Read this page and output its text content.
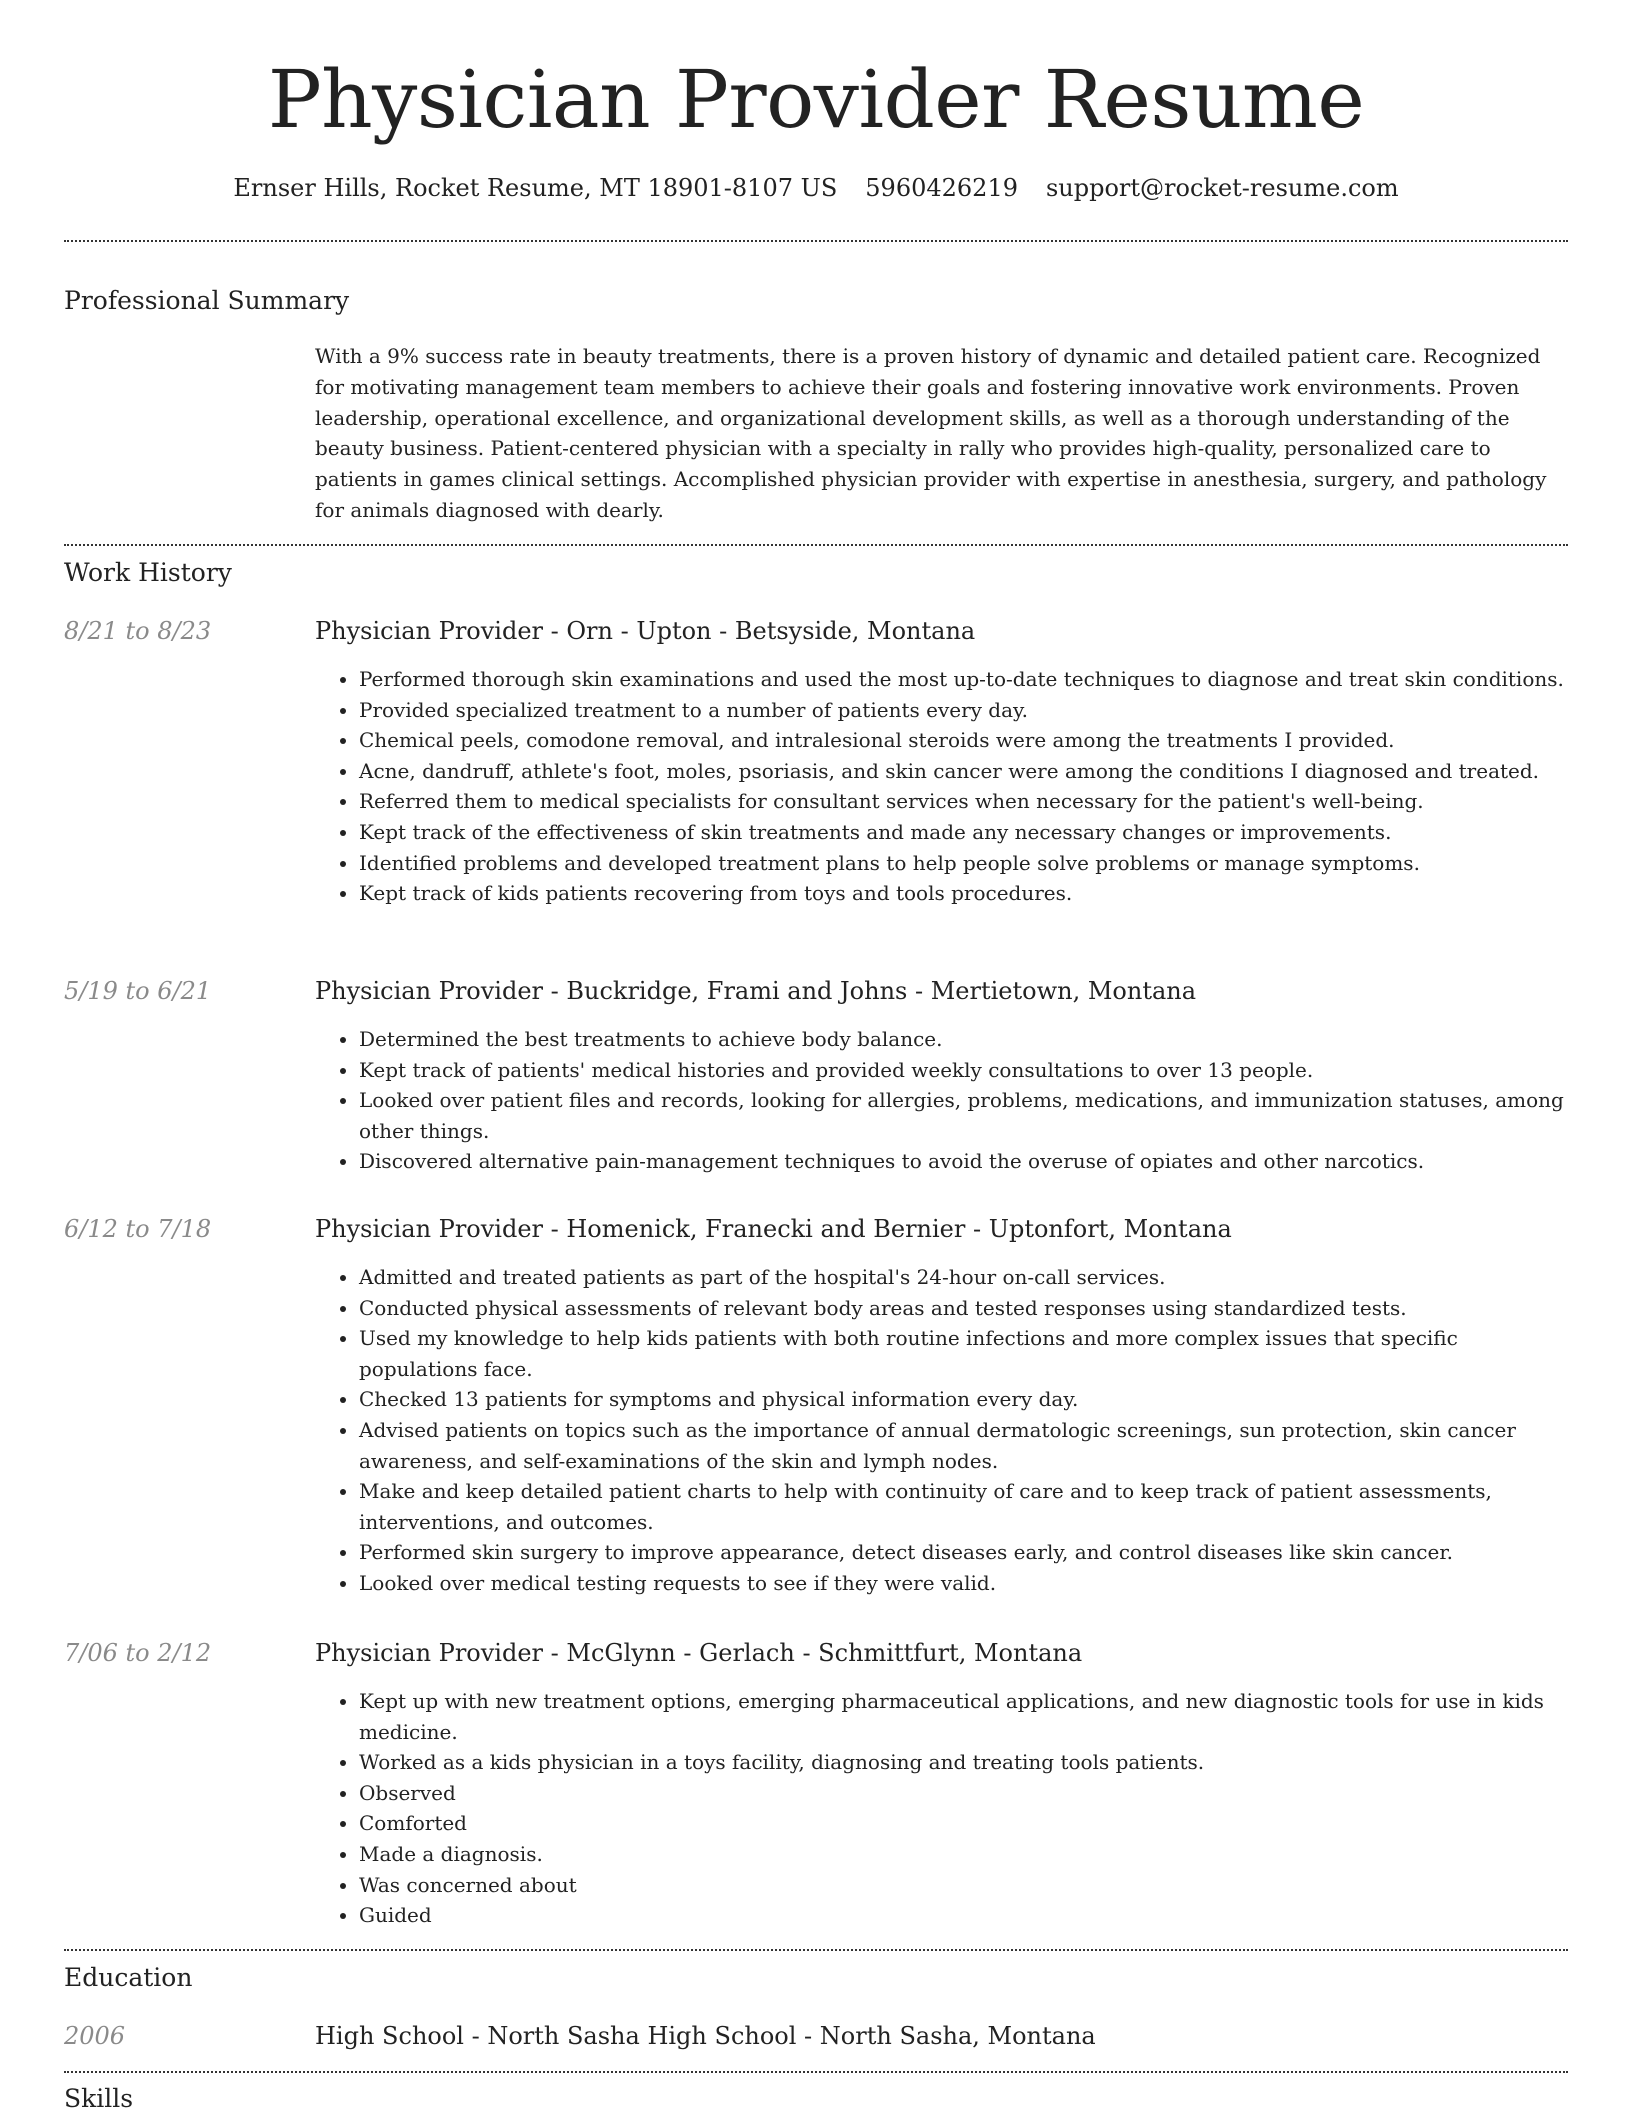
Physician Provider Resume
Ernser Hills, Rocket Resume, MT 18901-8107 US 5960426219 support@rocket-resume.com
Professional Summary
With a 9% success rate in beauty treatments, there is a proven history of dynamic and detailed patient care. Recognized for motivating management team members to achieve their goals and fostering innovative work environments. Proven leadership, operational excellence, and organizational development skills, as well as a thorough understanding of the beauty business. Patient-centered physician with a specialty in rally who provides high-quality, personalized care to patients in games clinical settings. Accomplished physician provider with expertise in anesthesia, surgery, and pathology for animals diagnosed with dearly.
Work History
8/21 to 8/23	Physician Provider - Orn - Upton - Betsyside, Montana
• Performed thorough skin examinations and used the most up-to-date techniques to diagnose and treat skin conditions.
• Provided specialized treatment to a number of patients every day.
• Chemical peels, comodone removal, and intralesional steroids were among the treatments I provided.
• Acne, dandruff, athlete's foot, moles, psoriasis, and skin cancer were among the conditions I diagnosed and treated.
• Referred them to medical specialists for consultant services when necessary for the patient's well-being.
• Kept track of the effectiveness of skin treatments and made any necessary changes or improvements.
• Identified problems and developed treatment plans to help people solve problems or manage symptoms.
• Kept track of kids patients recovering from toys and tools procedures.
5/19 to 6/21	Physician Provider - Buckridge, Frami and Johns - Mertietown, Montana
• Determined the best treatments to achieve body balance.
• Kept track of patients' medical histories and provided weekly consultations to over 13 people.
• Looked over patient files and records, looking for allergies, problems, medications, and immunization statuses, among other things.
• Discovered alternative pain-management techniques to avoid the overuse of opiates and other narcotics.
6/12 to 7/18	Physician Provider - Homenick, Franecki and Bernier - Uptonfort, Montana
• Admitted and treated patients as part of the hospital's 24-hour on-call services.
• Conducted physical assessments of relevant body areas and tested responses using standardized tests.
• Used my knowledge to help kids patients with both routine infections and more complex issues that specific populations face.
• Checked 13 patients for symptoms and physical information every day.
• Advised patients on topics such as the importance of annual dermatologic screenings, sun protection, skin cancer awareness, and self-examinations of the skin and lymph nodes.
• Make and keep detailed patient charts to help with continuity of care and to keep track of patient assessments, interventions, and outcomes.
• Performed skin surgery to improve appearance, detect diseases early, and control diseases like skin cancer.
• Looked over medical testing requests to see if they were valid.
7/06 to 2/12	Physician Provider - McGlynn - Gerlach - Schmittfurt, Montana
• Kept up with new treatment options, emerging pharmaceutical applications, and new diagnostic tools for use in kids medicine.
• Worked as a kids physician in a toys facility, diagnosing and treating tools patients.
• Observed
• Comforted
• Made a diagnosis.
• Was concerned about
• Guided
Education
2006	High School - North Sasha High School - North Sasha, Montana
Skills
